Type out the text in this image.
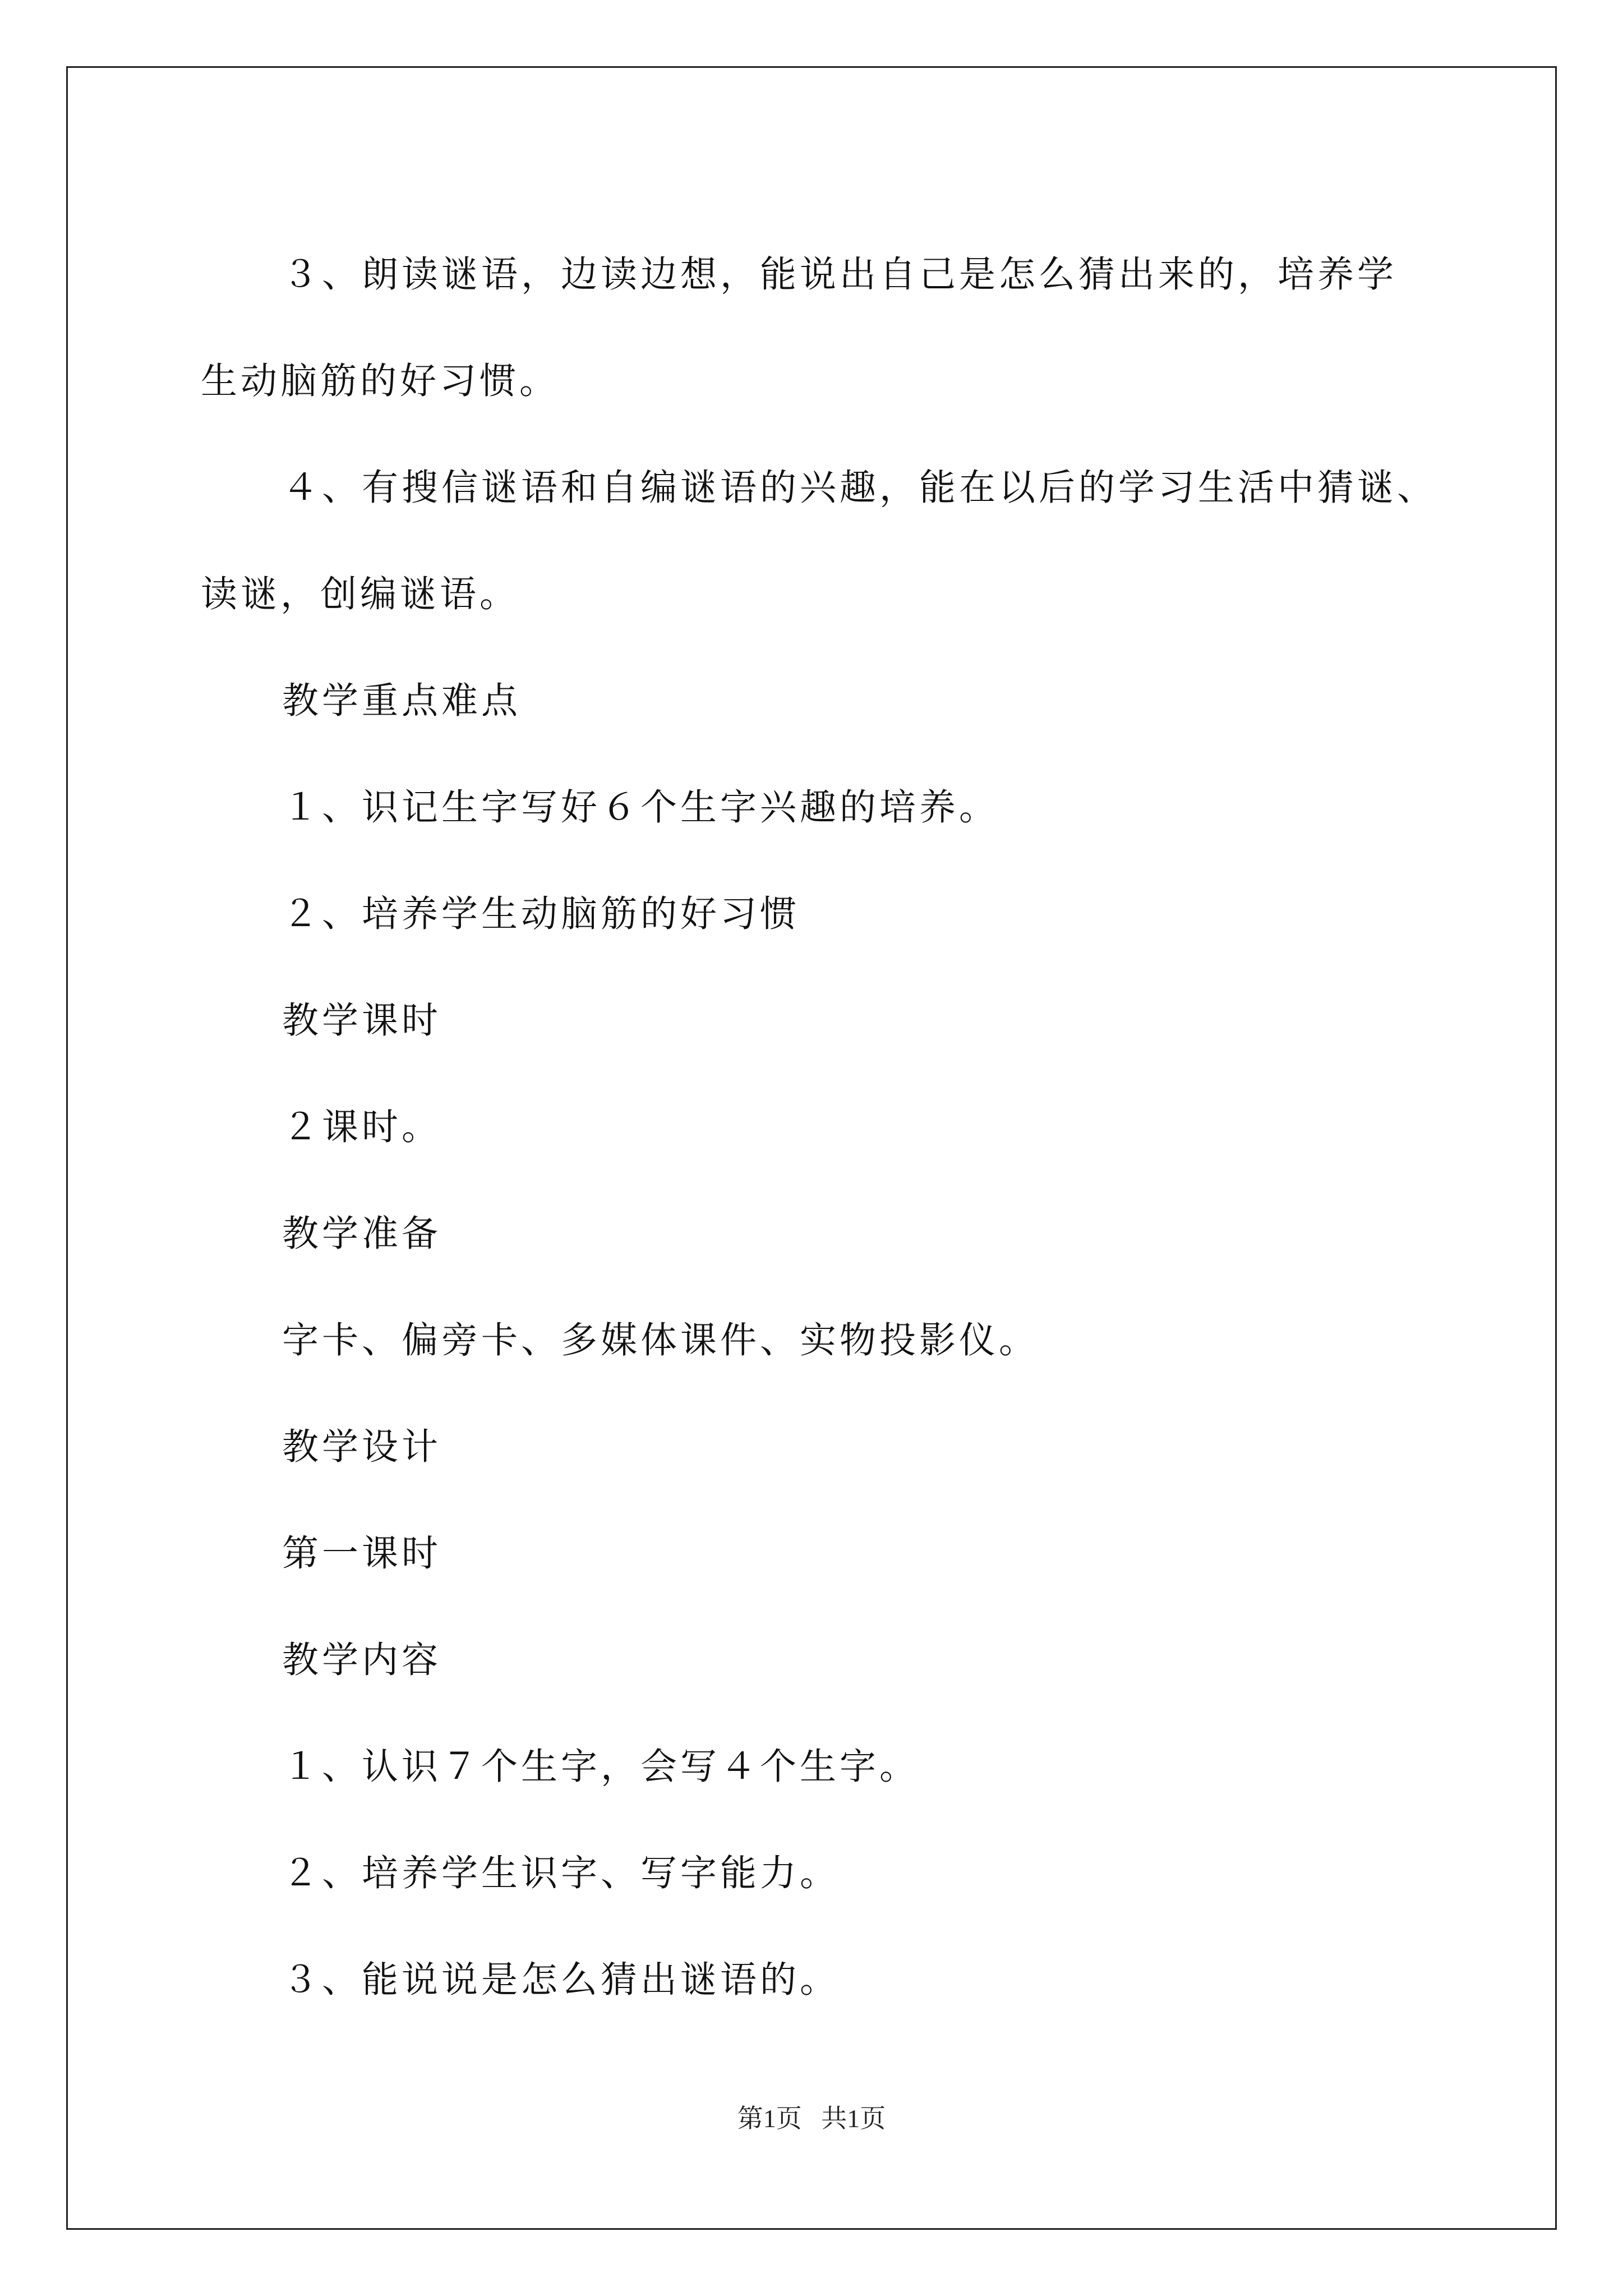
３、朗读谜语，边读边想，能说出自己是怎么猜出来的，培养学

生动脑筋的好习惯。

４、有搜信谜语和自编谜语的兴趣，能在以后的学习生活中猜谜、

读谜，创编谜语。

教学重点难点

１、识记生字写好６个生字兴趣的培养。

２、培养学生动脑筋的好习惯

教学课时

２课时。

教学准备

字卡、偏旁卡、多媒体课件、实物投影仪。

教学设计

第一课时

教学内容

１、认识７个生字，会写４个生字。

２、培养学生识字、写字能力。

３、能说说是怎么猜出谜语的。

第1页   共1页
